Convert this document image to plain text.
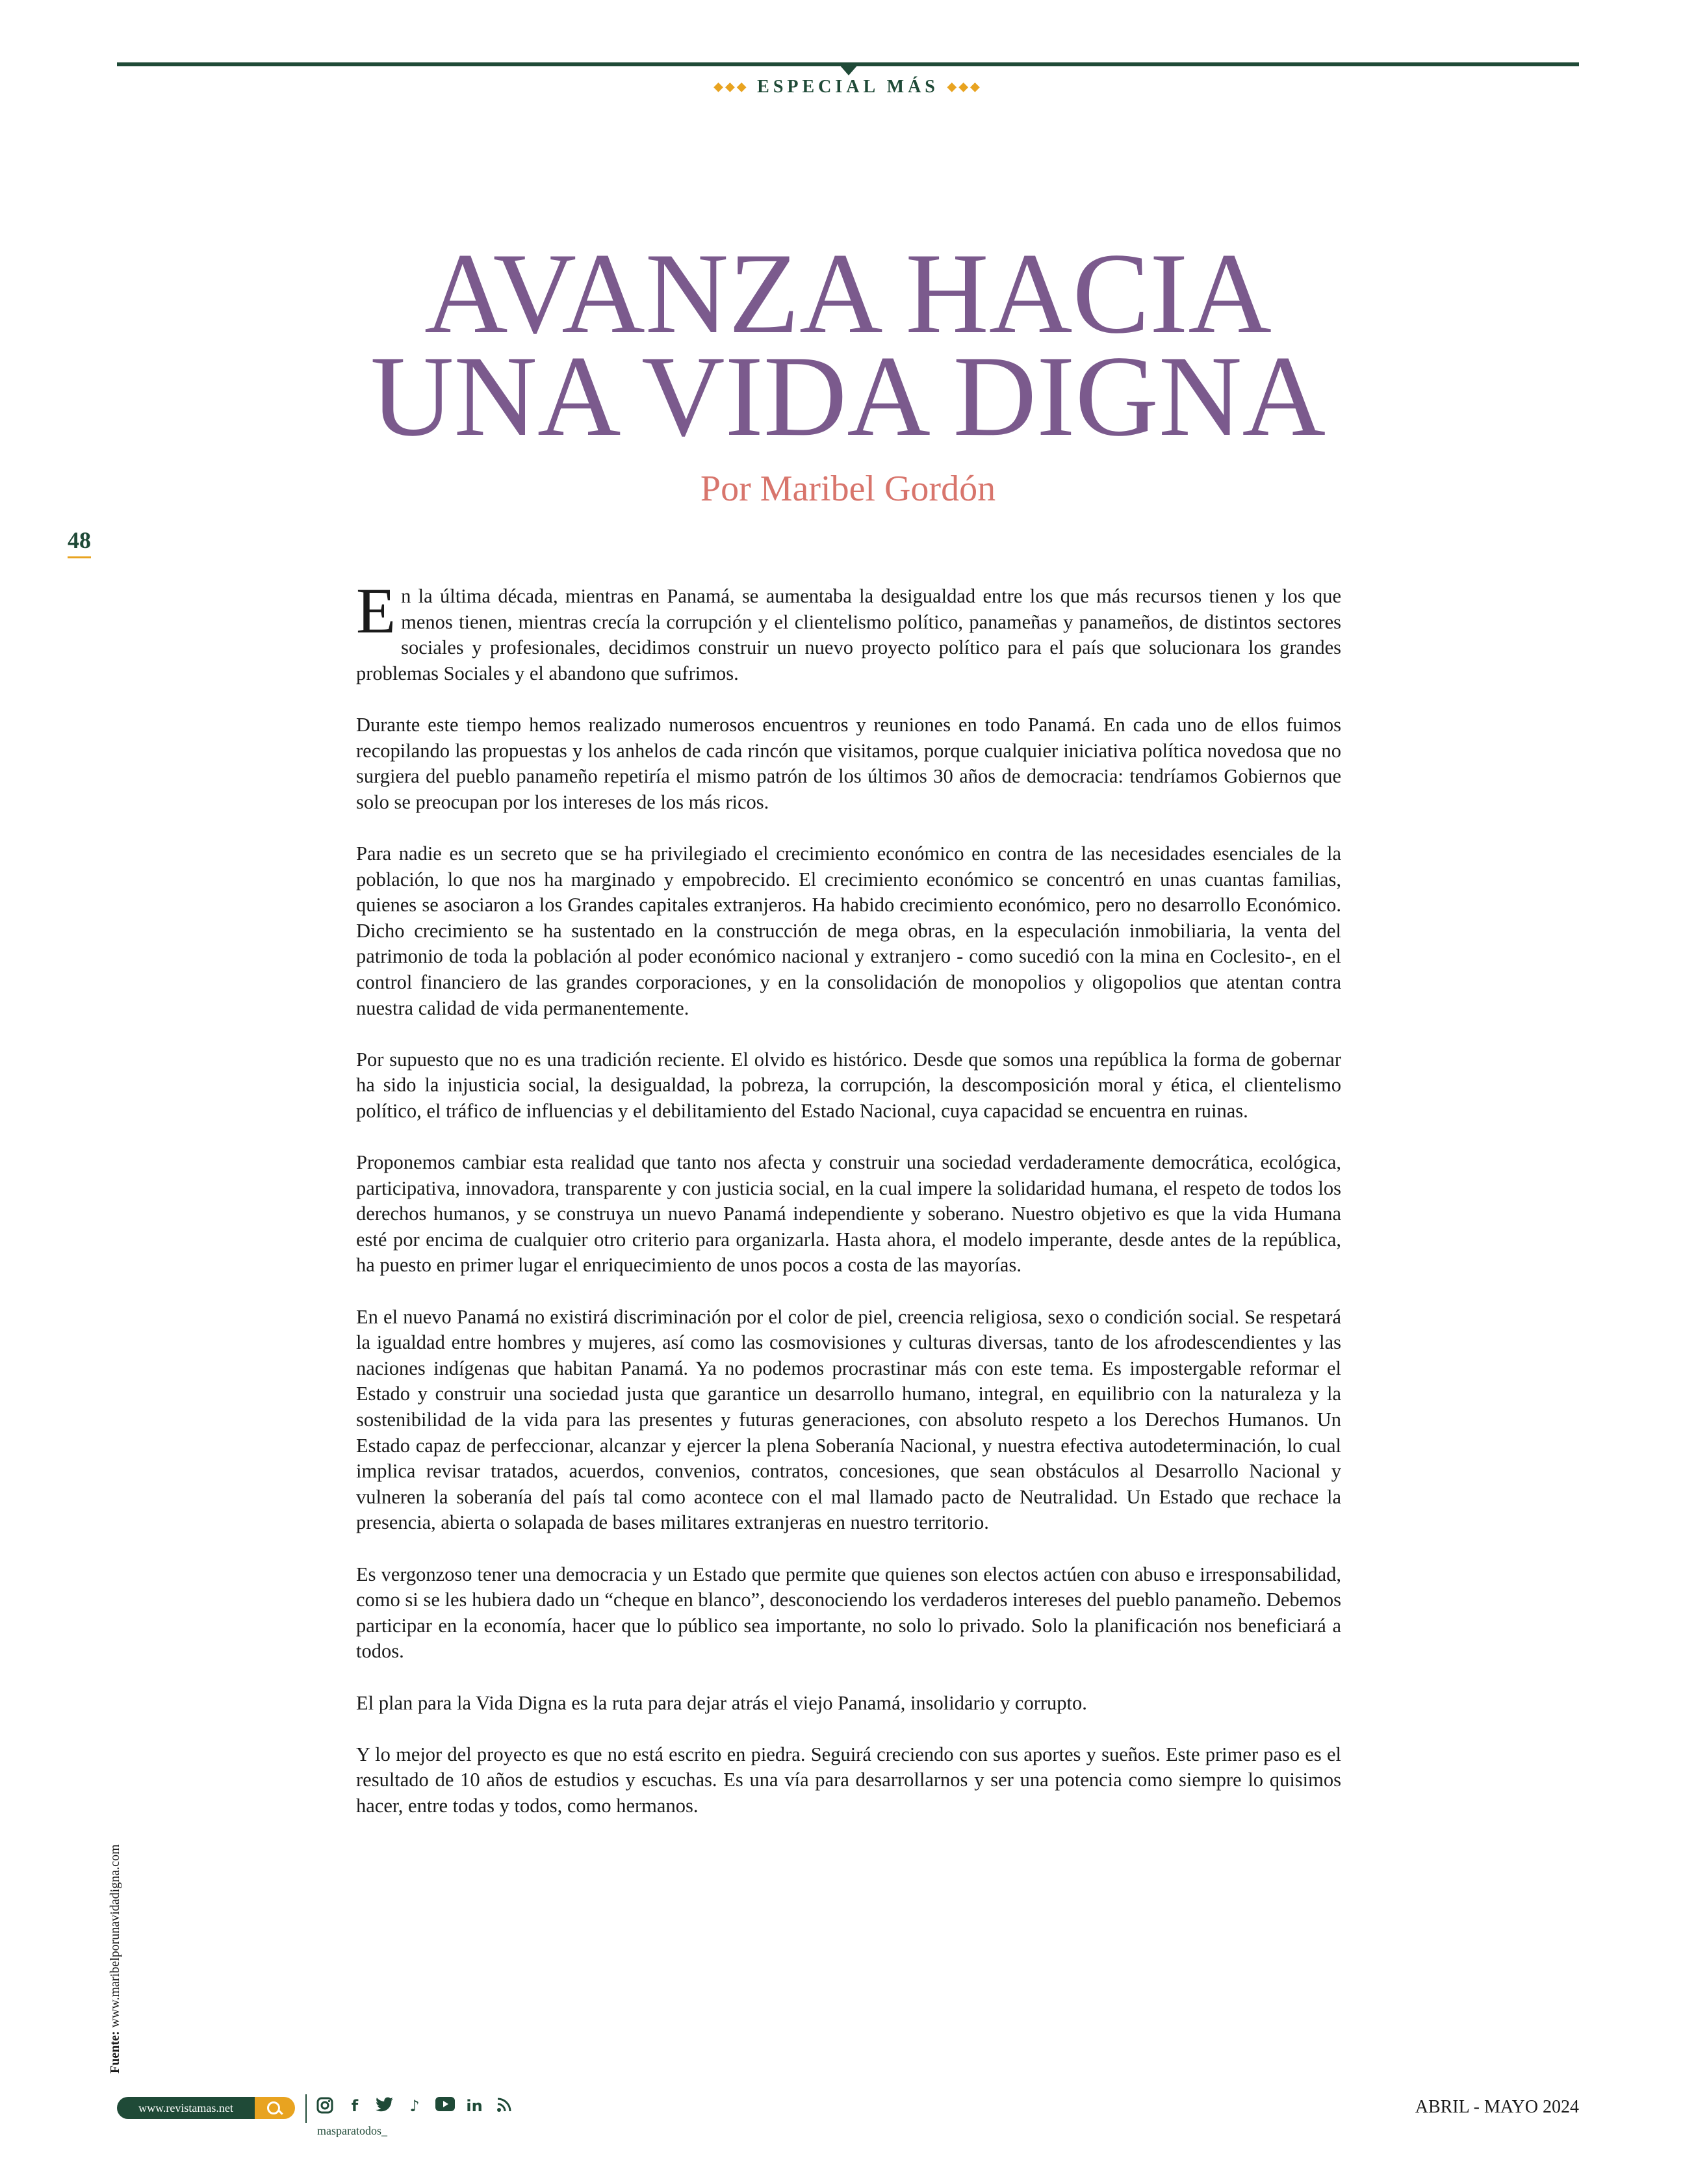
◆◆◆ ESPECIAL MÁS ◆◆◆
AVANZA HACIA
UNA VIDA DIGNA
Por Maribel Gordón
48

En la última década, mientras en Panamá, se aumentaba la desigualdad entre los que más recursos tienen y los que menos tienen, mientras crecía la corrupción y el clientelismo político, panameñas y panameños, de distintos sectores sociales y profesionales, decidimos construir un nuevo proyecto político para el país que solucionara los grandes problemas Sociales y el abandono que sufrimos.

Durante este tiempo hemos realizado numerosos encuentros y reuniones en todo Panamá. En cada uno de ellos fuimos recopilando las propuestas y los anhelos de cada rincón que visitamos, porque cualquier iniciativa política novedosa que no surgiera del pueblo panameño repetiría el mismo patrón de los últimos 30 años de democracia: tendríamos Gobiernos que solo se preocupan por los intereses de los más ricos.

Para nadie es un secreto que se ha privilegiado el crecimiento económico en contra de las necesidades esenciales de la población, lo que nos ha marginado y empobrecido. El crecimiento económico se concentró en unas cuantas familias, quienes se asociaron a los Grandes capitales extranjeros. Ha habido crecimiento económico, pero no desarrollo Económico. Dicho crecimiento se ha sustentado en la construcción de mega obras, en la especulación inmobiliaria, la venta del patrimonio de toda la población al poder económico nacional y extranjero - como sucedió con la mina en Coclesito-, en el control financiero de las grandes corporaciones, y en la consolidación de monopolios y oligopolios que atentan contra nuestra calidad de vida permanentemente.

Por supuesto que no es una tradición reciente. El olvido es histórico. Desde que somos una república la forma de gobernar ha sido la injusticia social, la desigualdad, la pobreza, la corrupción, la descomposición moral y ética, el clientelismo político, el tráfico de influencias y el debilitamiento del Estado Nacional, cuya capacidad se encuentra en ruinas.

Proponemos cambiar esta realidad que tanto nos afecta y construir una sociedad verdaderamente democrática, ecológica, participativa, innovadora, transparente y con justicia social, en la cual impere la solidaridad humana, el respeto de todos los derechos humanos, y se construya un nuevo Panamá independiente y soberano. Nuestro objetivo es que la vida Humana esté por encima de cualquier otro criterio para organizarla. Hasta ahora, el modelo imperante, desde antes de la república, ha puesto en primer lugar el enriquecimiento de unos pocos a costa de las mayorías.

En el nuevo Panamá no existirá discriminación por el color de piel, creencia religiosa, sexo o condición social. Se respetará la igualdad entre hombres y mujeres, así como las cosmovisiones y culturas diversas, tanto de los afrodescendientes y las naciones indígenas que habitan Panamá. Ya no podemos procrastinar más con este tema. Es impostergable reformar el Estado y construir una sociedad justa que garantice un desarrollo humano, integral, en equilibrio con la naturaleza y la sostenibilidad de la vida para las presentes y futuras generaciones, con absoluto respeto a los Derechos Humanos. Un Estado capaz de perfeccionar, alcanzar y ejercer la plena Soberanía Nacional, y nuestra efectiva autodeterminación, lo cual implica revisar tratados, acuerdos, convenios, contratos, concesiones, que sean obstáculos al Desarrollo Nacional y vulneren la soberanía del país tal como acontece con el mal llamado pacto de Neutralidad. Un Estado que rechace la presencia, abierta o solapada de bases militares extranjeras en nuestro territorio.

Es vergonzoso tener una democracia y un Estado que permite que quienes son electos actúen con abuso e irresponsabilidad, como si se les hubiera dado un “cheque en blanco”, desconociendo los verdaderos intereses del pueblo panameño. Debemos participar en la economía, hacer que lo público sea importante, no solo lo privado. Solo la planificación nos beneficiará a todos.

El plan para la Vida Digna es la ruta para dejar atrás el viejo Panamá, insolidario y corrupto.

Y lo mejor del proyecto es que no está escrito en piedra. Seguirá creciendo con sus aportes y sueños. Este primer paso es el resultado de 10 años de estudios y escuchas. Es una vía para desarrollarnos y ser una potencia como siempre lo quisimos hacer, entre todas y todos, como hermanos.

Fuente: www.maribelporunavidadigna.com
www.revistamas.net	f	♪	in
masparatodos_
ABRIL - MAYO 2024
